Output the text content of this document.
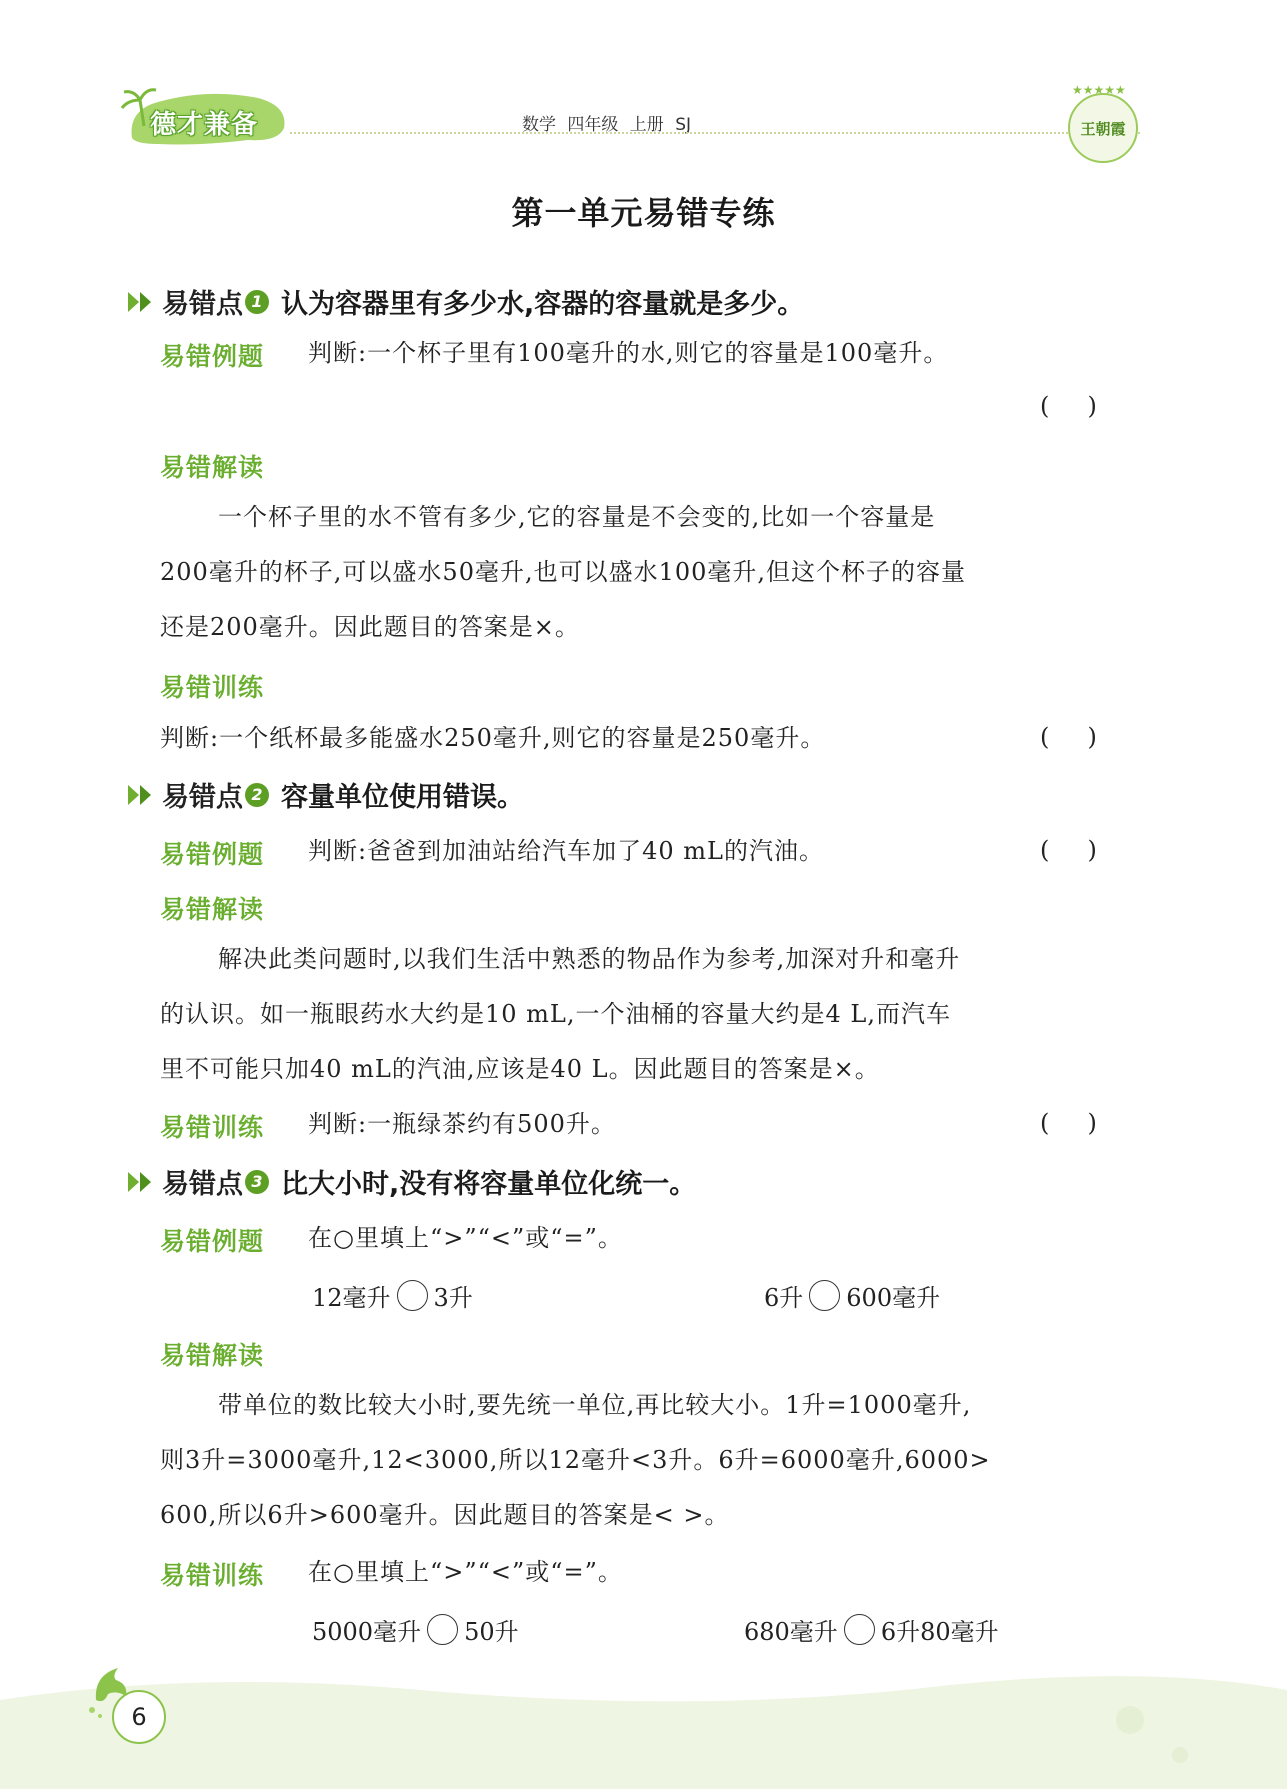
德才兼备	数学 四年级 上册 SJ
★★★★★
王朝霞
第一单元易错专练
易错点 1 认为容器里有多少水,容器的容量就是多少。
易错例题 判断:一个杯子里有100毫升的水,则它的容量是100毫升。
(     )
易错解读
一个杯子里的水不管有多少,它的容量是不会变的,比如一个容量是
200毫升的杯子,可以盛水50毫升,也可以盛水100毫升,但这个杯子的容量
还是200毫升。因此题目的答案是×。
易错训练
判断:一个纸杯最多能盛水250毫升,则它的容量是250毫升。	(     )
易错点 2 容量单位使用错误。
易错例题 判断:爸爸到加油站给汽车加了40 mL的汽油。	(     )
易错解读
解决此类问题时,以我们生活中熟悉的物品作为参考,加深对升和毫升
的认识。如一瓶眼药水大约是10 mL,一个油桶的容量大约是4 L,而汽车
里不可能只加40 mL的汽油,应该是40 L。因此题目的答案是×。
易错训练 判断:一瓶绿茶约有500升。	(     )
易错点 3 比大小时,没有将容量单位化统一。
易错例题 在○里填上“>”“<”或“=”。
12毫升 3升	6升 600毫升
易错解读
带单位的数比较大小时,要先统一单位,再比较大小。1升=1000毫升,
则3升=3000毫升,12<3000,所以12毫升<3升。6升=6000毫升,6000>
600,所以6升>600毫升。因此题目的答案是< >。
易错训练 在○里填上“>”“<”或“=”。
5000毫升 50升	680毫升 6升80毫升
6
